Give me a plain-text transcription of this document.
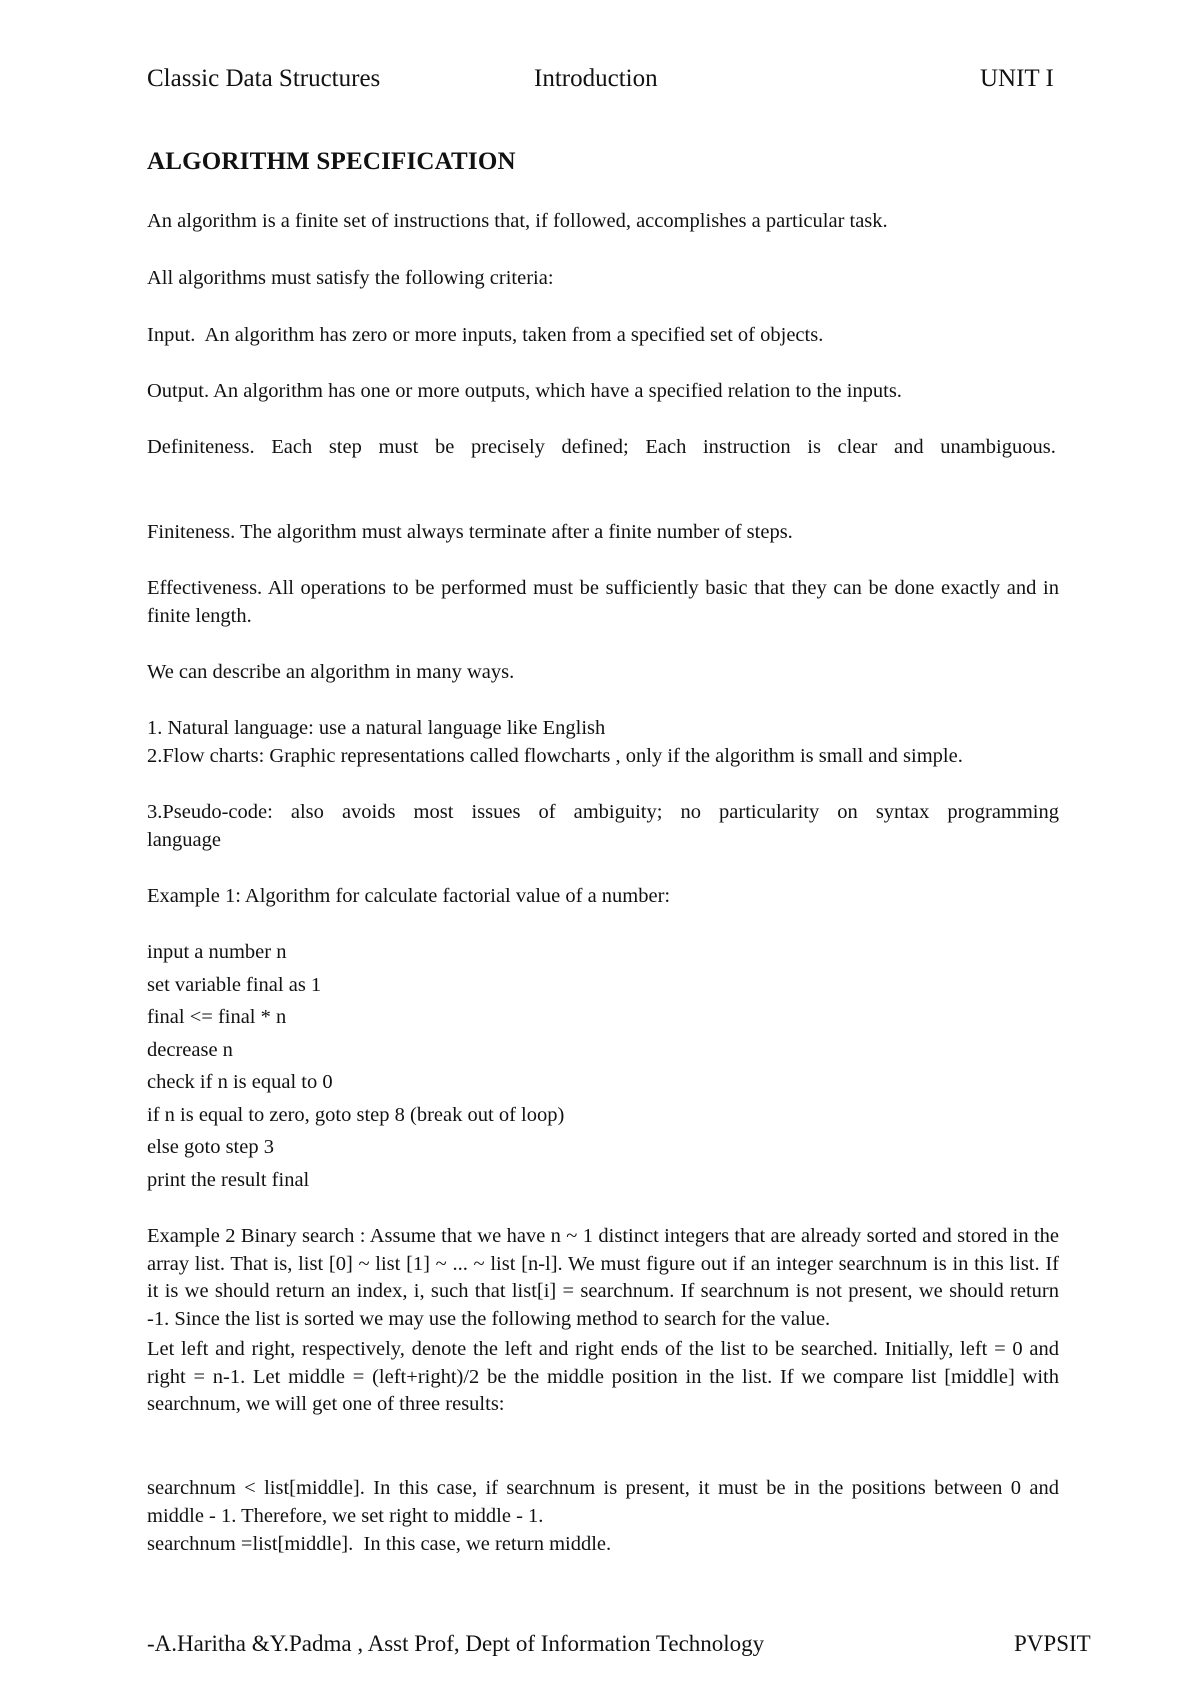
Classic Data Structures	Introduction	UNIT I
ALGORITHM SPECIFICATION

An algorithm is a finite set of instructions that, if followed, accomplishes a particular task.

All algorithms must satisfy the following criteria:

Input.  An algorithm has zero or more inputs, taken from a specified set of objects.

Output. An algorithm has one or more outputs, which have a specified relation to the inputs.

Definiteness. Each step must be precisely defined; Each instruction is clear and unambiguous.

Finiteness. The algorithm must always terminate after a finite number of steps.

Effectiveness. All operations to be performed must be sufficiently basic that they can be done exactly and in finite length.

We can describe an algorithm in many ways.

1. Natural language: use a natural language like English

2.Flow charts: Graphic representations called flowcharts , only if the algorithm is small and simple.

3.Pseudo-code: also avoids most issues of ambiguity; no particularity on syntax programming language

Example 1: Algorithm for calculate factorial value of a number:

input a number n
set variable final as 1
final <= final * n
decrease n
check if n is equal to 0
if n is equal to zero, goto step 8 (break out of loop)
else goto step 3
print the result final

Example 2 Binary search : Assume that we have n ~ 1 distinct integers that are already sorted and stored in the array list. That is, list [0] ~ list [1] ~ ... ~ list [n-l]. We must figure out if an integer searchnum is in this list. If it is we should return an index, i, such that list[i] = searchnum. If searchnum is not present, we should return -1. Since the list is sorted we may use the following method to search for the value.

Let left and right, respectively, denote the left and right ends of the list to be searched. Initially, left = 0 and right = n-1. Let middle = (left+right)/2 be the middle position in the list. If we compare list [middle] with searchnum, we will get one of three results:

searchnum < list[middle]. In this case, if searchnum is present, it must be in the positions between 0 and middle - 1. Therefore, we set right to middle - 1.

searchnum =list[middle].  In this case, we return middle.

-A.Haritha &Y.Padma , Asst Prof, Dept of Information Technology	PVPSIT
